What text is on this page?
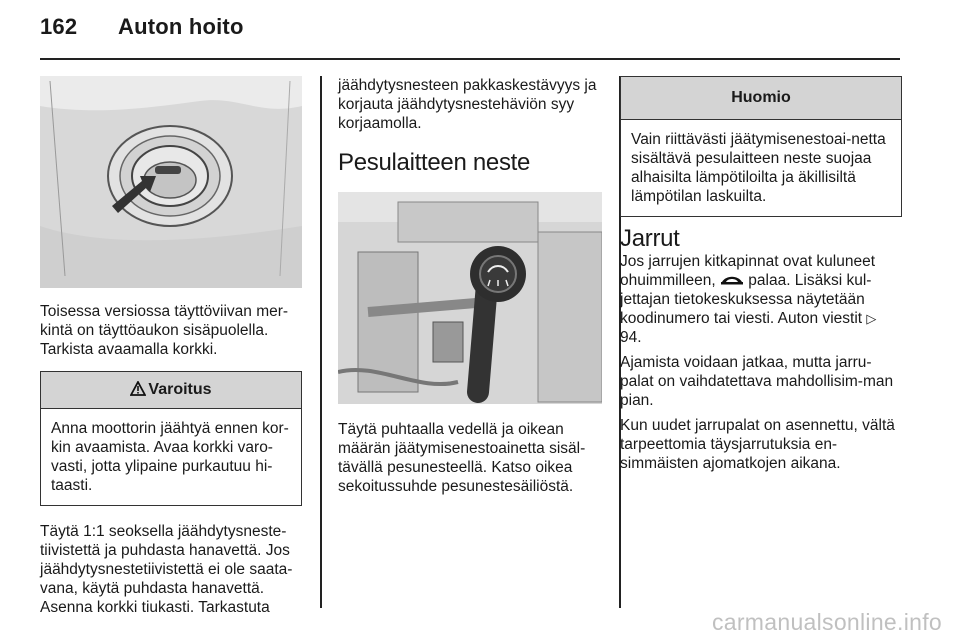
162 Auton hoito

Toisessa versiossa täyttöviivan mer-kintä on täyttöaukon sisäpuolella. Tarkista avaamalla korkki.

Varoitus
Anna moottorin jäähtyä ennen kor-kin avaamista. Avaa korkki varo-vasti, jotta ylipaine purkautuu hi-taasti.

Täytä 1:1 seoksella jäähdytysneste-tiivistettä ja puhdasta hanavettä. Jos jäähdytysnestetiivistettä ei ole saata-vana, käytä puhdasta hanavettä. Asenna korkki tiukasti. Tarkastuta

jäähdytysnesteen pakkaskestävyys ja korjauta jäähdytysnestehäviön syy korjaamolla.

Pesulaitteen neste

Täytä puhtaalla vedellä ja oikean määrän jäätymisenestoainetta sisäl-tävällä pesunesteellä. Katso oikea sekoitussuhde pesunestesäiliöstä.

Huomio
Vain riittävästi jäätymisenestoai-netta sisältävä pesulaitteen neste suojaa alhaisilta lämpötiloilta ja äkillisiltä lämpötilan laskuilta.
Jarrut

Jos jarrujen kitkapinnat ovat kuluneet ohuimmilleen, palaa. Lisäksi kul-jettajan tietokeskuksessa näytetään koodinumero tai viesti. Auton viestit ▷ 94.

Ajamista voidaan jatkaa, mutta jarru-palat on vaihdatettava mahdollisim-man pian.

Kun uudet jarrupalat on asennettu, vältä tarpeettomia täysjarrutuksia en-simmäisten ajomatkojen aikana.

carmanualsonline.info
